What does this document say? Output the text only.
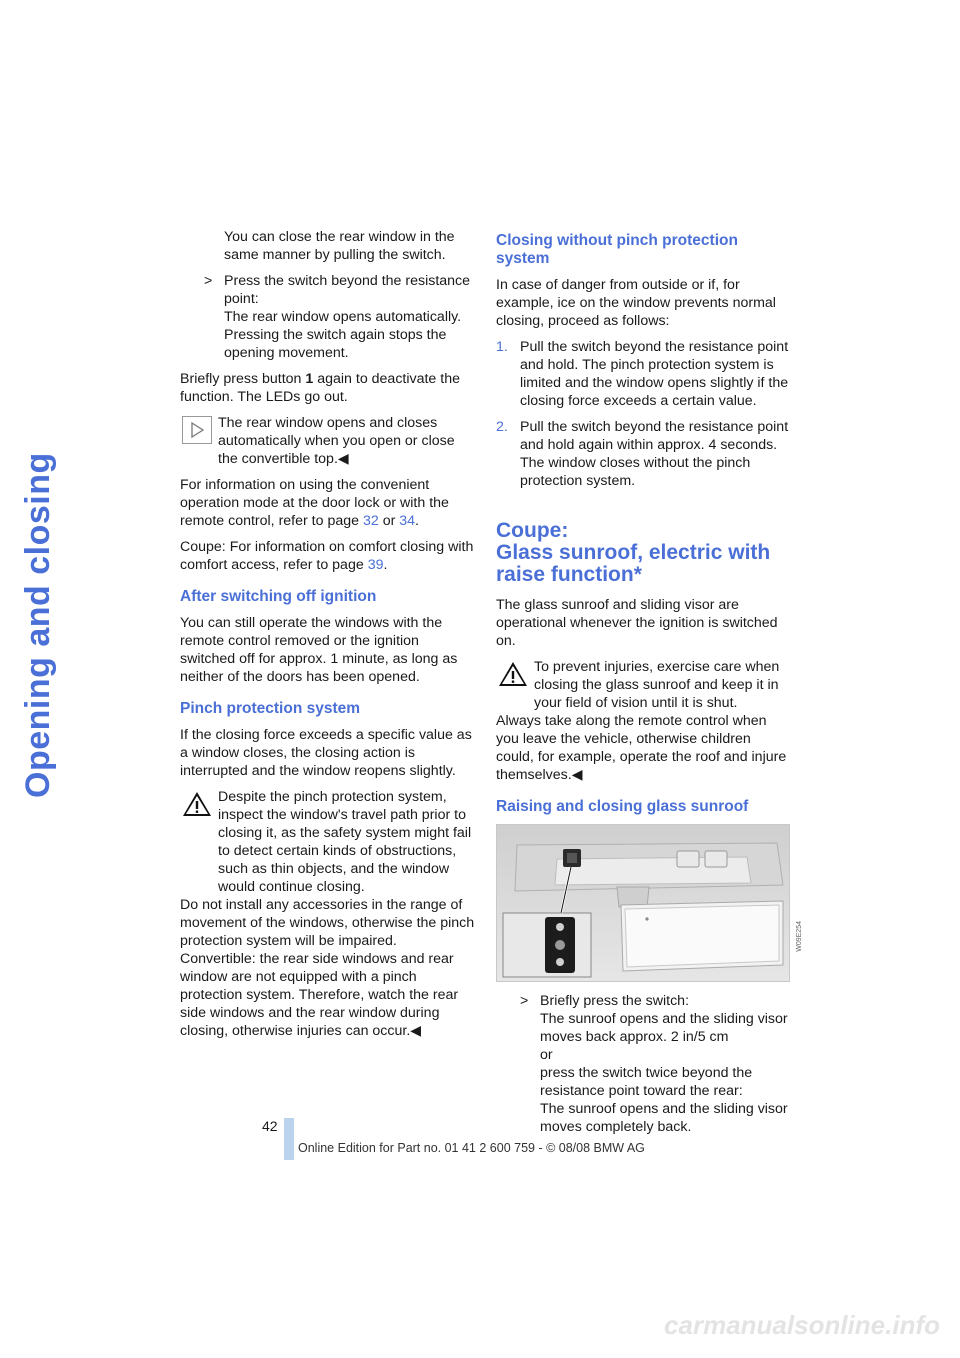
Opening and closing

You can close the rear window in the same manner by pulling the switch.

> Press the switch beyond the resistance point:
The rear window opens automatically. Pressing the switch again stops the opening movement.

Briefly press button 1 again to deactivate the function. The LEDs go out.

The rear window opens and closes automatically when you open or close the convertible top.◀

For information on using the convenient operation mode at the door lock or with the remote control, refer to page 32 or 34.

Coupe: For information on comfort closing with comfort access, refer to page 39.

After switching off ignition

You can still operate the windows with the remote control removed or the ignition switched off for approx. 1 minute, as long as neither of the doors has been opened.

Pinch protection system

If the closing force exceeds a specific value as a window closes, the closing action is interrupted and the window reopens slightly.

Despite the pinch protection system, inspect the window's travel path prior to closing it, as the safety system might fail to detect certain kinds of obstructions, such as thin objects, and the window would continue closing.

Do not install any accessories in the range of movement of the windows, otherwise the pinch protection system will be impaired.

Convertible: the rear side windows and rear window are not equipped with a pinch protection system. Therefore, watch the rear side windows and the rear window during closing, otherwise injuries can occur.◀

Closing without pinch protection system

In case of danger from outside or if, for example, ice on the window prevents normal closing, proceed as follows:

1. Pull the switch beyond the resistance point and hold. The pinch protection system is limited and the window opens slightly if the closing force exceeds a certain value.
2. Pull the switch beyond the resistance point and hold again within approx. 4 seconds. The window closes without the pinch protection system.
Coupe:
Glass sunroof, electric with raise function*

The glass sunroof and sliding visor are operational whenever the ignition is switched on.

To prevent injuries, exercise care when closing the glass sunroof and keep it in your field of vision until it is shut.

Always take along the remote control when you leave the vehicle, otherwise children could, for example, operate the roof and injure themselves.◀

Raising and closing glass sunroof
W09E254
> Briefly press the switch:
The sunroof opens and the sliding visor moves back approx. 2 in/5 cm
or
press the switch twice beyond the resistance point toward the rear:
The sunroof opens and the sliding visor moves completely back.
42
Online Edition for Part no. 01 41 2 600 759 - © 08/08 BMW AG
carmanualsonline.info
